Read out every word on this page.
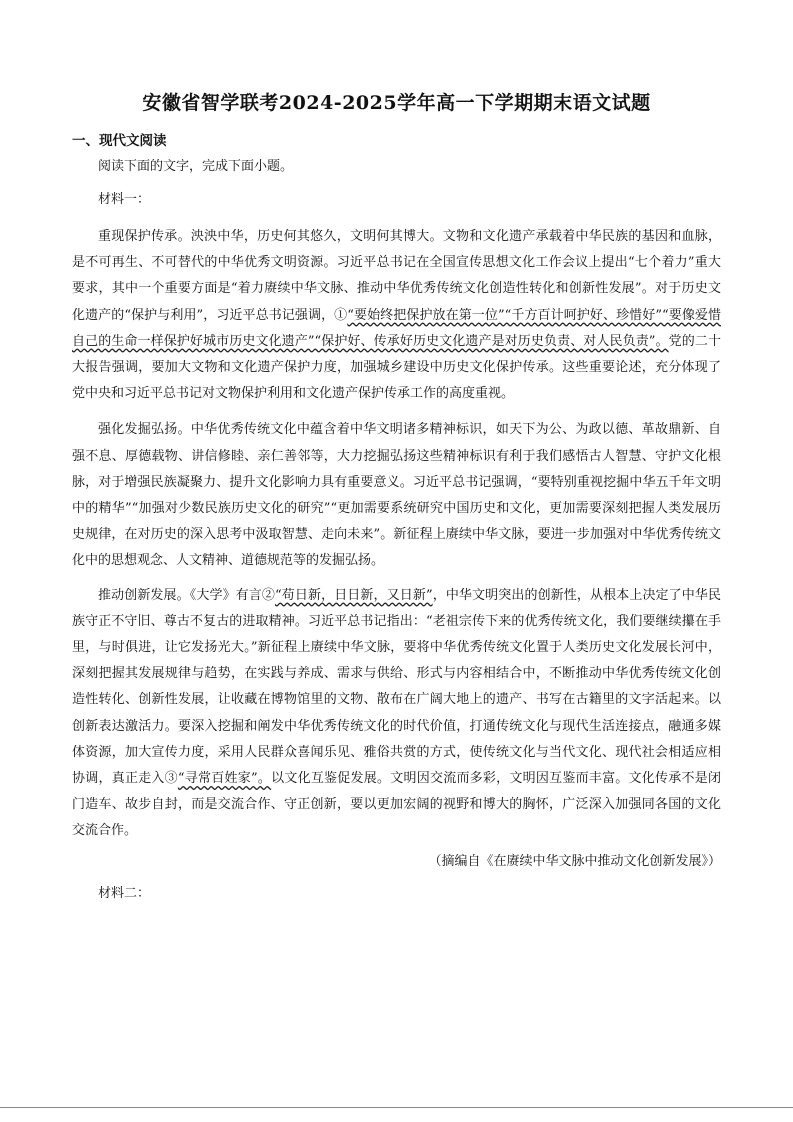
安徽省智学联考2024-2025学年高一下学期期末语文试题
一、现代文阅读

阅读下面的文字，完成下面小题。

材料一：

重现保护传承。泱泱中华，历史何其悠久，文明何其博大。文物和文化遗产承载着中华民族的基因和血脉，是不可再生、不可替代的中华优秀文明资源。习近平总书记在全国宣传思想文化工作会议上提出“七个着力”重大要求，其中一个重要方面是“着力赓续中华文脉、推动中华优秀传统文化创造性转化和创新性发展”。对于历史文化遗产的“保护与利用”，习近平总书记强调，①“要始终把保护放在第一位”“千方百计呵护好、珍惜好”“要像爱惜自己的生命一样保护好城市历史文化遗产”“保护好、传承好历史文化遗产是对历史负责、对人民负责”。党的二十大报告强调，要加大文物和文化遗产保护力度，加强城乡建设中历史文化保护传承。这些重要论述，充分体现了党中央和习近平总书记对文物保护利用和文化遗产保护传承工作的高度重视。

强化发掘弘扬。中华优秀传统文化中蕴含着中华文明诸多精神标识，如天下为公、为政以德、革故鼎新、自强不息、厚德载物、讲信修睦、亲仁善邻等，大力挖掘弘扬这些精神标识有利于我们感悟古人智慧、守护文化根脉，对于增强民族凝聚力、提升文化影响力具有重要意义。习近平总书记强调，“要特别重视挖掘中华五千年文明中的精华”“加强对少数民族历史文化的研究”“更加需要系统研究中国历史和文化，更加需要深刻把握人类发展历史规律，在对历史的深入思考中汲取智慧、走向未来”。新征程上赓续中华文脉，要进一步加强对中华优秀传统文化中的思想观念、人文精神、道德规范等的发掘弘扬。

推动创新发展。《大学》有言②“苟日新，日日新，又日新”，中华文明突出的创新性，从根本上决定了中华民族守正不守旧、尊古不复古的进取精神。习近平总书记指出：“老祖宗传下来的优秀传统文化，我们要继续攥在手里，与时俱进，让它发扬光大。”新征程上赓续中华文脉，要将中华优秀传统文化置于人类历史文化发展长河中，深刻把握其发展规律与趋势，在实践与养成、需求与供给、形式与内容相结合中，不断推动中华优秀传统文化创造性转化、创新性发展，让收藏在博物馆里的文物、散布在广阔大地上的遗产、书写在古籍里的文字活起来。以创新表达激活力。要深入挖掘和阐发中华优秀传统文化的时代价值，打通传统文化与现代生活连接点，融通多媒体资源，加大宣传力度，采用人民群众喜闻乐见、雅俗共赏的方式，使传统文化与当代文化、现代社会相适应相协调，真正走入③“寻常百姓家”。以文化互鉴促发展。文明因交流而多彩，文明因互鉴而丰富。文化传承不是闭门造车、故步自封，而是交流合作、守正创新，要以更加宏阔的视野和博大的胸怀，广泛深入加强同各国的文化交流合作。

（摘编自《在赓续中华文脉中推动文化创新发展》）
材料二：
